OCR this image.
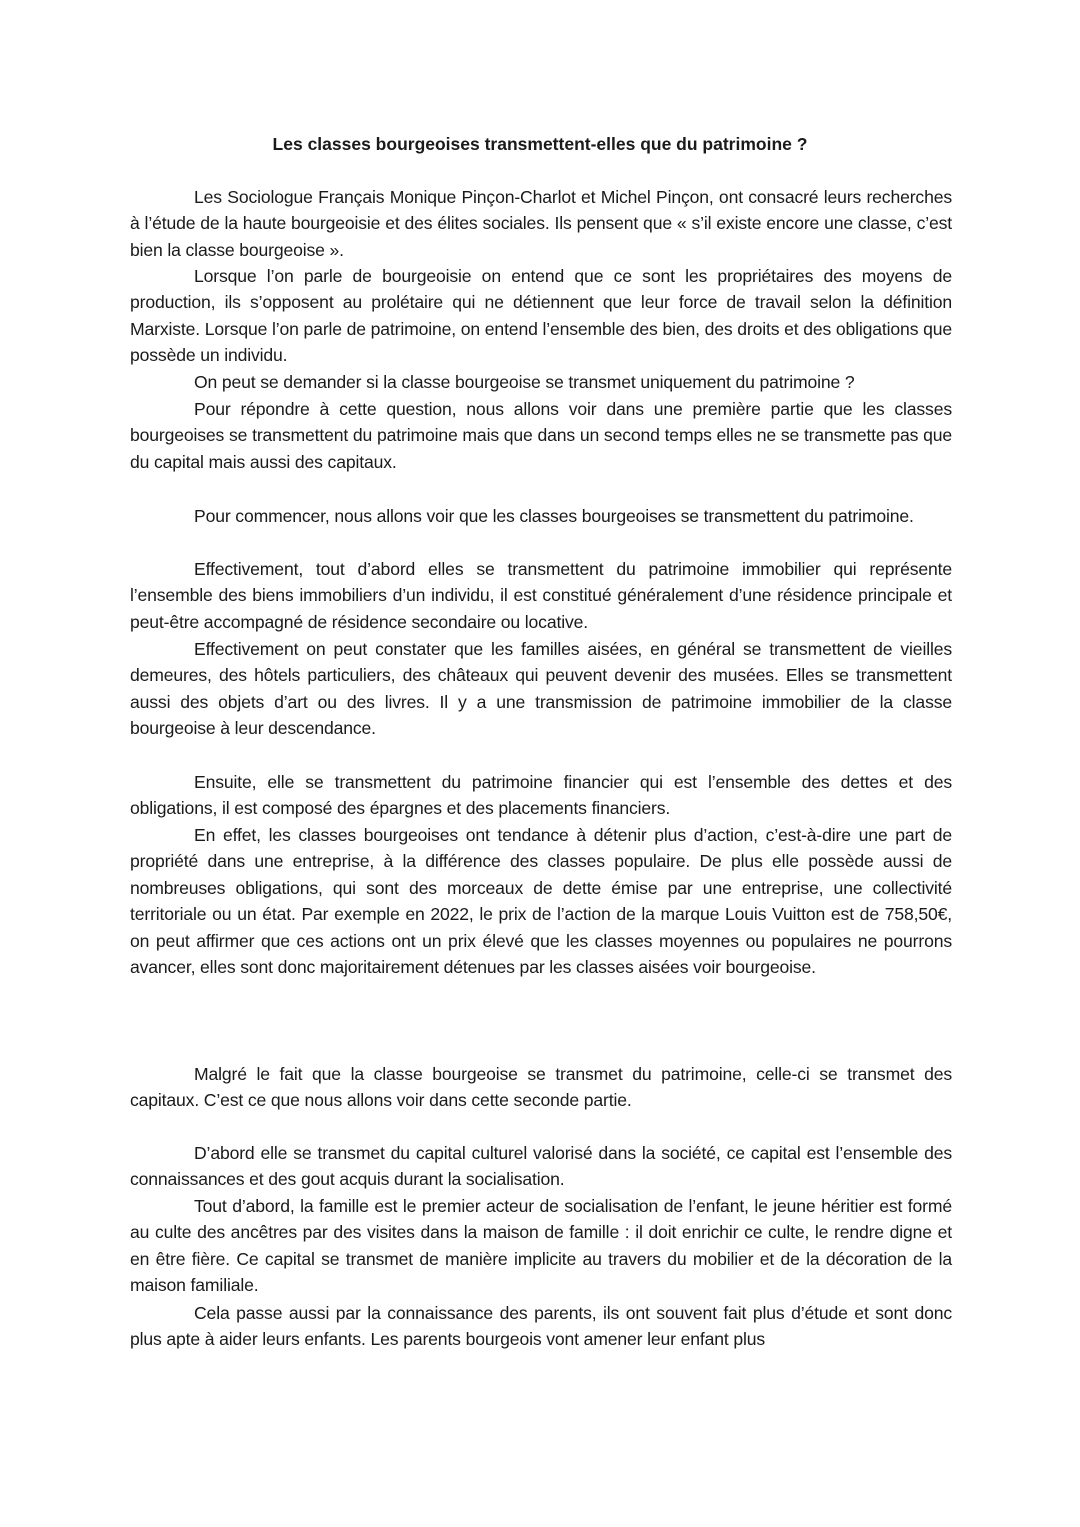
Les classes bourgeoises transmettent-elles que du patrimoine ?

Les Sociologue Français Monique Pinçon-Charlot et Michel Pinçon, ont consacré leurs recherches à l’étude de la haute bourgeoisie et des élites sociales. Ils pensent que « s’il existe encore une classe, c’est bien la classe bourgeoise ».

Lorsque l’on parle de bourgeoisie on entend que ce sont les propriétaires des moyens de production, ils s’opposent au prolétaire qui ne détiennent que leur force de travail selon la définition Marxiste. Lorsque l’on parle de patrimoine, on entend l’ensemble des bien, des droits et des obligations que possède un individu.

On peut se demander si la classe bourgeoise se transmet uniquement du patrimoine ?

Pour répondre à cette question, nous allons voir dans une première partie que les classes bourgeoises se transmettent du patrimoine mais que dans un second temps elles ne se transmette pas que du capital mais aussi des capitaux.

Pour commencer, nous allons voir que les classes bourgeoises se transmettent du patrimoine.

Effectivement, tout d’abord elles se transmettent du patrimoine immobilier qui représente l’ensemble des biens immobiliers d’un individu, il est constitué généralement d’une résidence principale et peut-être accompagné de résidence secondaire ou locative.

Effectivement on peut constater que les familles aisées, en général se transmettent de vieilles demeures, des hôtels particuliers, des châteaux qui peuvent devenir des musées. Elles se transmettent aussi des objets d’art ou des livres. Il y a une transmission de patrimoine immobilier de la classe bourgeoise à leur descendance.

Ensuite, elle se transmettent du patrimoine financier qui est l’ensemble des dettes et des obligations, il est composé des épargnes et des placements financiers.

En effet, les classes bourgeoises ont tendance à détenir plus d’action, c’est-à-dire une part de propriété dans une entreprise, à la différence des classes populaire. De plus elle possède aussi de nombreuses obligations, qui sont des morceaux de dette émise par une entreprise, une collectivité territoriale ou un état. Par exemple en 2022, le prix de l’action de la marque Louis Vuitton est de 758,50€, on peut affirmer que ces actions ont un prix élevé que les classes moyennes ou populaires ne pourrons avancer, elles sont donc majoritairement détenues par les classes aisées voir bourgeoise.

Malgré le fait que la classe bourgeoise se transmet du patrimoine, celle-ci se transmet des capitaux. C’est ce que nous allons voir dans cette seconde partie.

D’abord elle se transmet du capital culturel valorisé dans la société, ce capital est l’ensemble des connaissances et des gout acquis durant la socialisation.

Tout d’abord, la famille est le premier acteur de socialisation de l’enfant, le jeune héritier est formé au culte des ancêtres par des visites dans la maison de famille : il doit enrichir ce culte, le rendre digne et en être fière. Ce capital se transmet de manière implicite au travers du mobilier et de la décoration de la maison familiale.

Cela passe aussi par la connaissance des parents, ils ont souvent fait plus d’étude et sont donc plus apte à aider leurs enfants. Les parents bourgeois vont amener leur enfant plus
